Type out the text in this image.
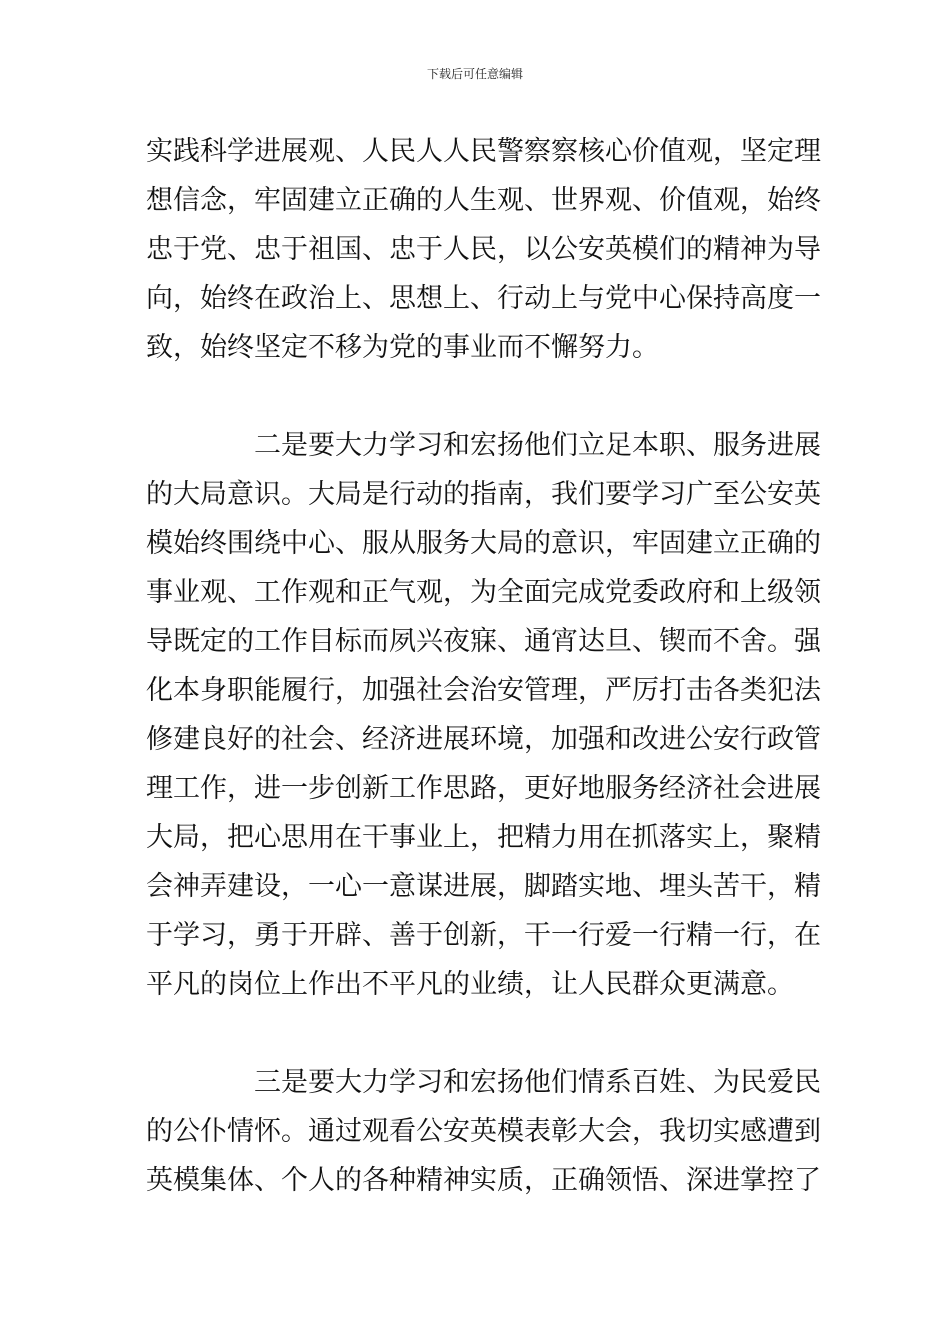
下载后可任意编辑
实践科学进展观、人民人人民警察察核心价值观，坚定理
想信念，牢固建立正确的人生观、世界观、价值观，始终
忠于党、忠于祖国、忠于人民，以公安英模们的精神为导
向，始终在政治上、思想上、行动上与党中心保持高度一
致，始终坚定不移为党的事业而不懈努力。
二是要大力学习和宏扬他们立足本职、服务进展
的大局意识。大局是行动的指南，我们要学习广至公安英
模始终围绕中心、服从服务大局的意识，牢固建立正确的
事业观、工作观和正气观，为全面完成党委政府和上级领
导既定的工作目标而夙兴夜寐、通宵达旦、锲而不舍。强
化本身职能履行，加强社会治安管理，严厉打击各类犯法
修建良好的社会、经济进展环境，加强和改进公安行政管
理工作，进一步创新工作思路，更好地服务经济社会进展
大局，把心思用在干事业上，把精力用在抓落实上，聚精
会神弄建设，一心一意谋进展，脚踏实地、埋头苦干，精
于学习，勇于开辟、善于创新，干一行爱一行精一行，在
平凡的岗位上作出不平凡的业绩，让人民群众更满意。
三是要大力学习和宏扬他们情系百姓、为民爱民
的公仆情怀。通过观看公安英模表彰大会，我切实感遭到
英模集体、个人的各种精神实质，正确领悟、深进掌控了
